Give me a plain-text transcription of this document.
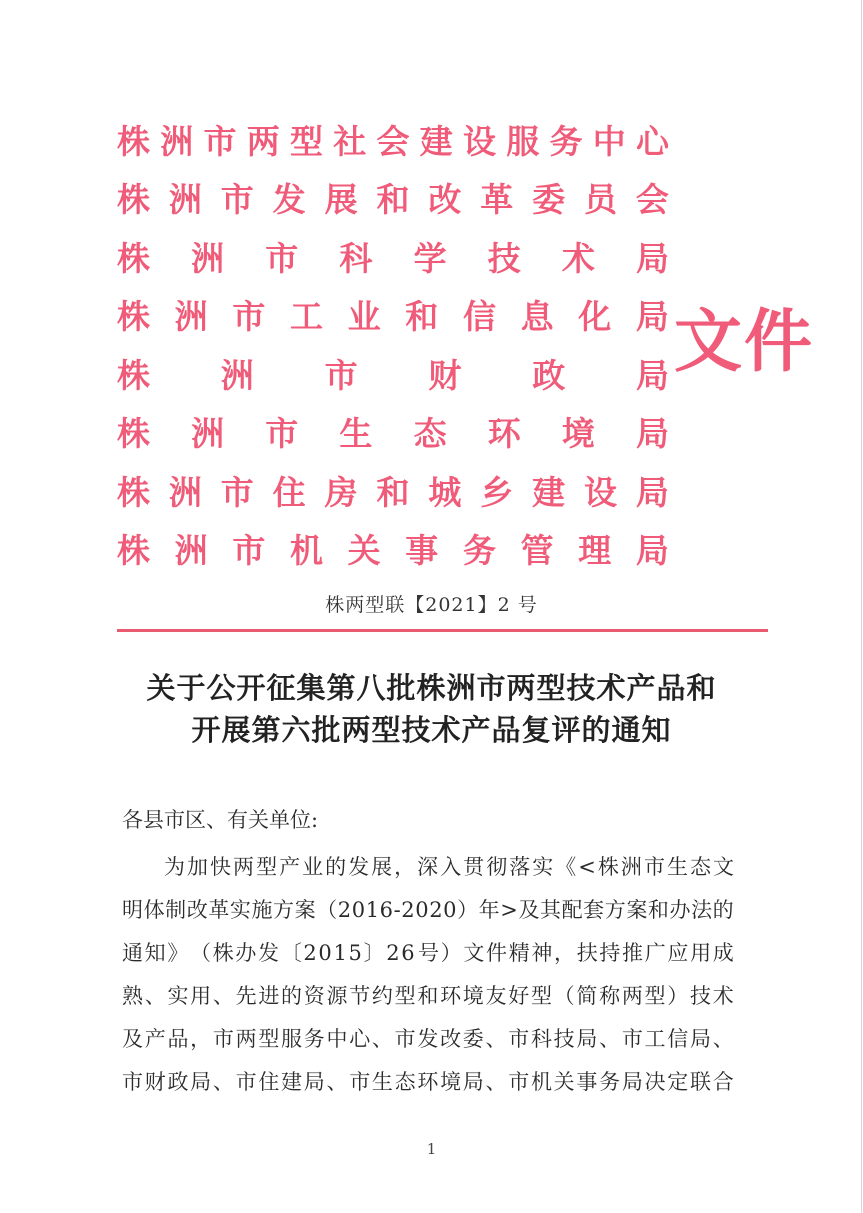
株 洲 市 两 型 社 会 建 设 服 务 中 心
株 洲 市 发 展 和 改 革 委 员 会
株 洲 市 科 学 技 术 局
株 洲 市 工 业 和 信 息 化 局
株 洲 市 财 政 局
株 洲 市 生 态 环 境 局
株 洲 市 住 房 和 城 乡 建 设 局
株 洲 市 机 关 事 务 管 理 局
文件
株两型联【2021】2 号
关于公开征集第八批株洲市两型技术产品和
开展第六批两型技术产品复评的通知
各县市区、有关单位:
为 加 快 两 型 产 业 的 发 展 ， 深 入 贯 彻 落 实 《 < 株 洲 市 生 态 文
明 体 制 改 革 实 施 方 案 （ 2 0 1 6 - 2 0 2 0 ） 年 > 及 其 配 套 方 案 和 办 法 的
通 知 》 （ 株 办 发 〔 2 0 1 5 〕 2 6 号 ） 文 件 精 神 ， 扶 持 推 广 应 用 成
熟 、 实 用 、 先 进 的 资 源 节 约 型 和 环 境 友 好 型 （ 简 称 两 型 ） 技 术
及 产 品 ， 市 两 型 服 务 中 心 、 市 发 改 委 、 市 科 技 局 、 市 工 信 局 、
市 财 政 局 、 市 住 建 局 、 市 生 态 环 境 局 、 市 机 关 事 务 局 决 定 联 合
1
